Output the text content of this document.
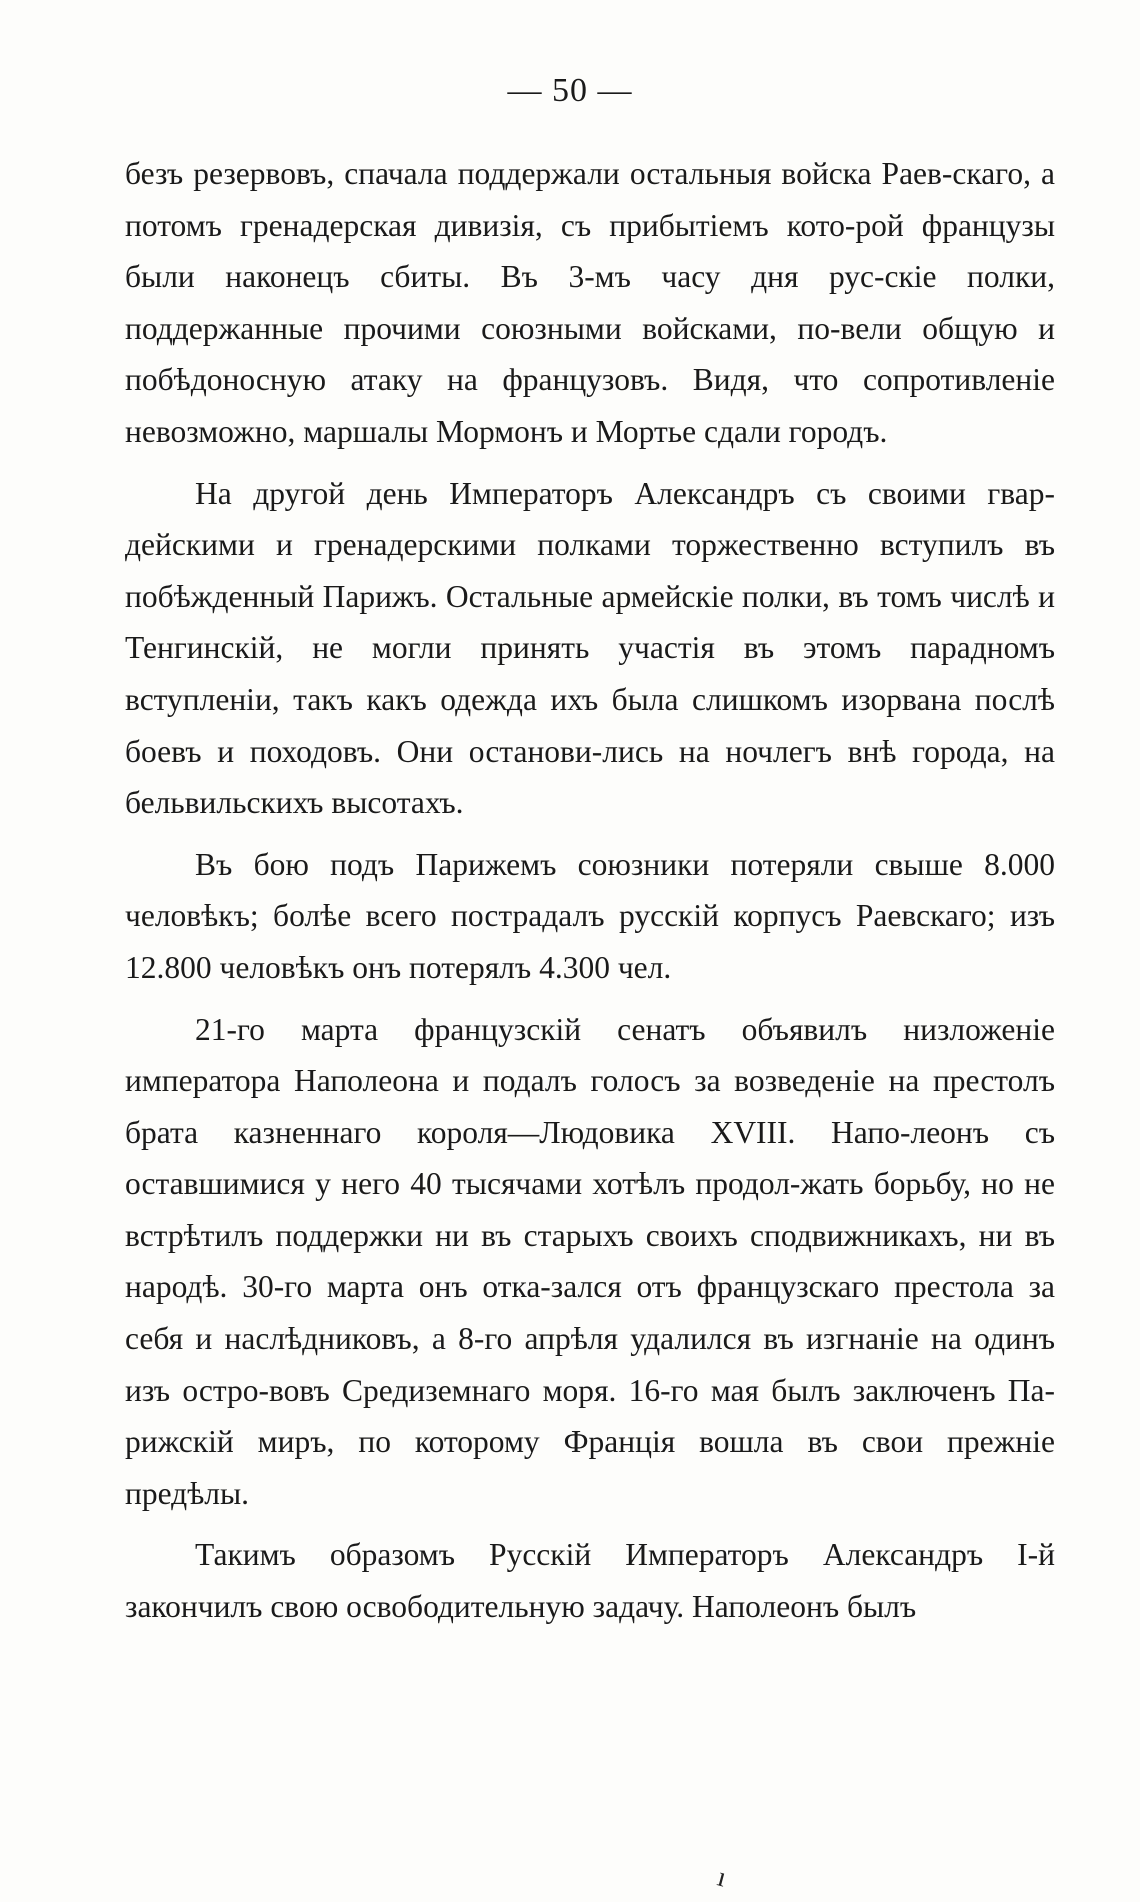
— 50 —

безъ резервовъ, спачала поддержали остальныя войска Раев-скаго, а потомъ гренадерская дивизія, съ прибытіемъ кото-рой французы были наконецъ сбиты. Въ 3-мъ часу дня рус-скіе полки, поддержанные прочими союзными войсками, по-вели общую и побѣдоносную атаку на французовъ. Видя, что сопротивленіе невозможно, маршалы Мормонъ и Мортье сдали городъ.

На другой день Императоръ Александръ съ своими гвар-дейскими и гренадерскими полками торжественно вступилъ въ побѣжденный Парижъ. Остальные армейскіе полки, въ томъ числѣ и Тенгинскій, не могли принять участія въ этомъ парадномъ вступленіи, такъ какъ одежда ихъ была слишкомъ изорвана послѣ боевъ и походовъ. Они останови-лись на ночлегъ внѣ города, на бельвильскихъ высотахъ.

Въ бою подъ Парижемъ союзники потеряли свыше 8.000 человѣкъ; болѣе всего пострадалъ русскій корпусъ Раевскаго; изъ 12.800 человѣкъ онъ потерялъ 4.300 чел.

21-го марта французскій сенатъ объявилъ низложеніе императора Наполеона и подалъ голосъ за возведеніе на престолъ брата казненнаго короля—Людовика XVIII. Напо-леонъ съ оставшимися у него 40 тысячами хотѣлъ продол-жать борьбу, но не встрѣтилъ поддержки ни въ старыхъ своихъ сподвижникахъ, ни въ народѣ. 30-го марта онъ отка-зался отъ французскаго престола за себя и наслѣдниковъ, а 8-го апрѣля удалился въ изгнаніе на одинъ изъ остро-вовъ Средиземнаго моря. 16-го мая былъ заключенъ Па-рижскій миръ, по которому Франція вошла въ свои прежніе предѣлы.

Такимъ образомъ Русскій Императоръ Александръ I-й закончилъ свою освободительную задачу. Наполеонъ былъ

ı
